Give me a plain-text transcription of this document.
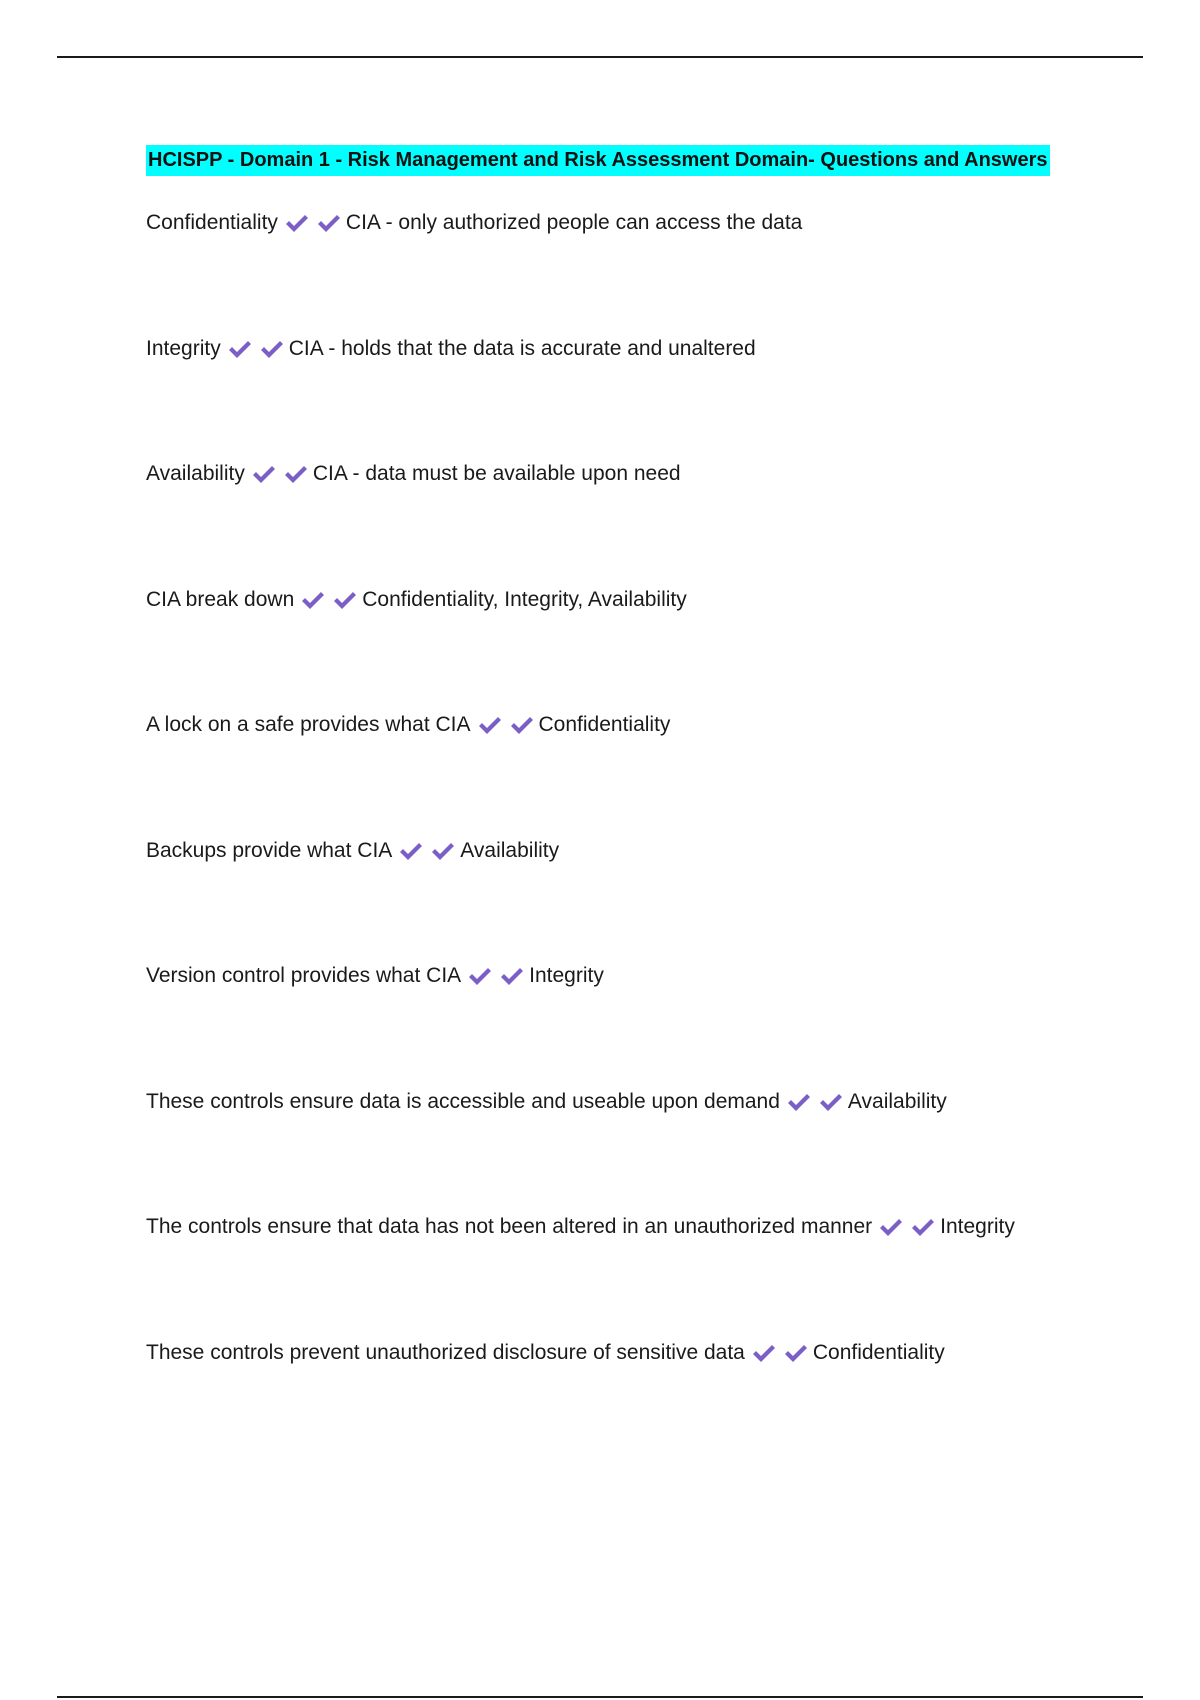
HCISPP - Domain 1 - Risk Management and Risk Assessment Domain- Questions and Answers
Confidentiality	CIA - only authorized people can access the data
Integrity	CIA - holds that the data is accurate and unaltered
Availability	CIA - data must be available upon need
CIA break down	Confidentiality, Integrity, Availability
A lock on a safe provides what CIA	Confidentiality
Backups provide what CIA	Availability
Version control provides what CIA	Integrity
These controls ensure data is accessible and useable upon demand	Availability
The controls ensure that data has not been altered in an unauthorized manner	Integrity
These controls prevent unauthorized disclosure of sensitive data	Confidentiality
